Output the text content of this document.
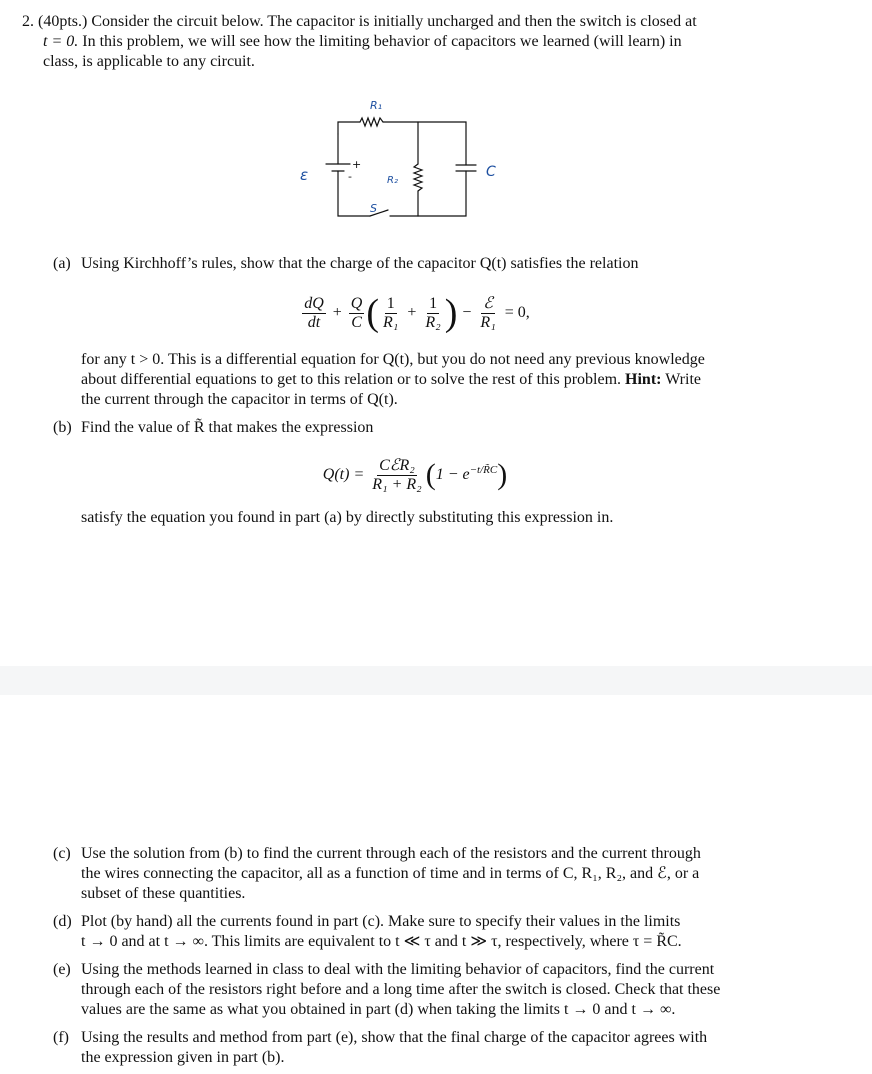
2. (40pts.) Consider the circuit below. The capacitor is initially uncharged and then the switch is closed at
t = 0. In this problem, we will see how the limiting behavior of capacitors we learned (will learn) in
class, is applicable to any circuit.
R₁
R₂
ε	C
S
+
-
(a) Using Kirchhoff’s rules, show that the charge of the capacitor Q(t) satisfies the relation
$\frac{dQ}{dt} + \frac{Q}{C}$ ( $\frac{1}{\text{R₁}} + \frac{1}{\text{R₂}}$ ) − $\frac{\text{ℰ}}{\text{R₁}} = 0$,
for any t > 0. This is a differential equation for Q(t), but you do not need any previous knowledge
about differential equations to get to this relation or to solve the rest of this problem. Hint: Write
the current through the capacitor in terms of Q(t).
(b) Find the value of R̃ that makes the expression
$Q(t) = \frac{\text{CℰR₂}}{\text{R₁ + R₂}}$ ( $1 - e^{-t/R̃C}$ )
satisfy the equation you found in part (a) by directly substituting this expression in.
(c) Use the solution from (b) to find the current through each of the resistors and the current through
the wires connecting the capacitor, all as a function of time and in terms of C, R₁, R₂, and ℰ, or a
subset of these quantities.
(d) Plot (by hand) all the currents found in part (c). Make sure to specify their values in the limits
t → 0 and at t → ∞. This limits are equivalent to t ≪ τ and t ≫ τ, respectively, where τ = R̃C.
(e) Using the methods learned in class to deal with the limiting behavior of capacitors, find the current
through each of the resistors right before and a long time after the switch is closed. Check that these
values are the same as what you obtained in part (d) when taking the limits t → 0 and t → ∞.
(f) Using the results and method from part (e), show that the final charge of the capacitor agrees with
the expression given in part (b).
